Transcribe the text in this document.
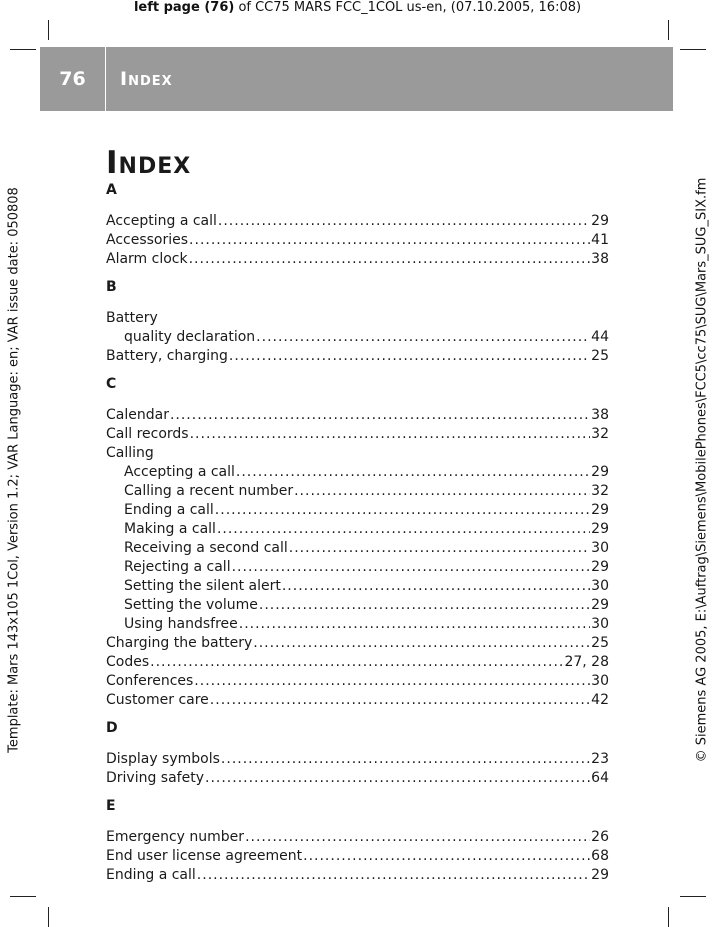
left page (76) of CC75 MARS FCC_1COL us-en, (07.10.2005, 16:08)
Template: Mars 143x105 1Col, Version 1.2; VAR Language: en; VAR issue date: 050808	© Siemens AG 2005, E:\Auftrag\Siemens\MobilePhones\FCC5\cc75\SUG\Mars_SUG_SIX.fm
76	Index
Index
A
Accepting a call .....	29
Accessories .....	41
Alarm clock .....	38
B
Battery
quality declaration .....	44
Battery, charging .....	25
C
Calendar .....	38
Call records .....	32
Calling
Accepting a call .....	29
Calling a recent number .....	32
Ending a call .....	29
Making a call .....	29
Receiving a second call .....	30
Rejecting a call .....	29
Setting the silent alert .....	30
Setting the volume .....	29
Using handsfree .....	30
Charging the battery .....	25
Codes .....	27, 28
Conferences .....	30
Customer care .....	42
D
Display symbols .....	23
Driving safety .....	64
E
Emergency number .....	26
End user license agreement .....	68
Ending a call .....	29
